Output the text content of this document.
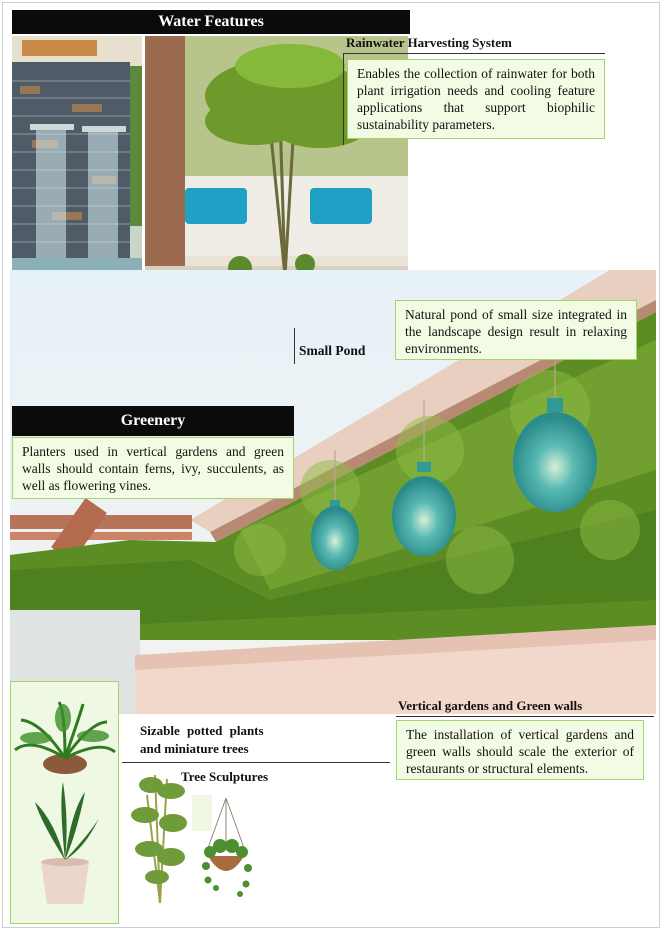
Water Features
Rainwater Harvesting System
Enables the collection of rainwater for both plant irrigation needs and cooling feature applications that support biophilic sustainability parameters.
Small Pond
Natural pond of small size integrated in the landscape design result in relaxing environments.
Greenery
Planters used in vertical gardens and green walls should contain ferns, ivy, succulents, as well as flowering vines.
Vertical gardens and Green walls
The installation of vertical gardens and green walls should scale the exterior of restaurants or structural elements.
Sizable potted plants
and miniature trees
Tree Sculptures
